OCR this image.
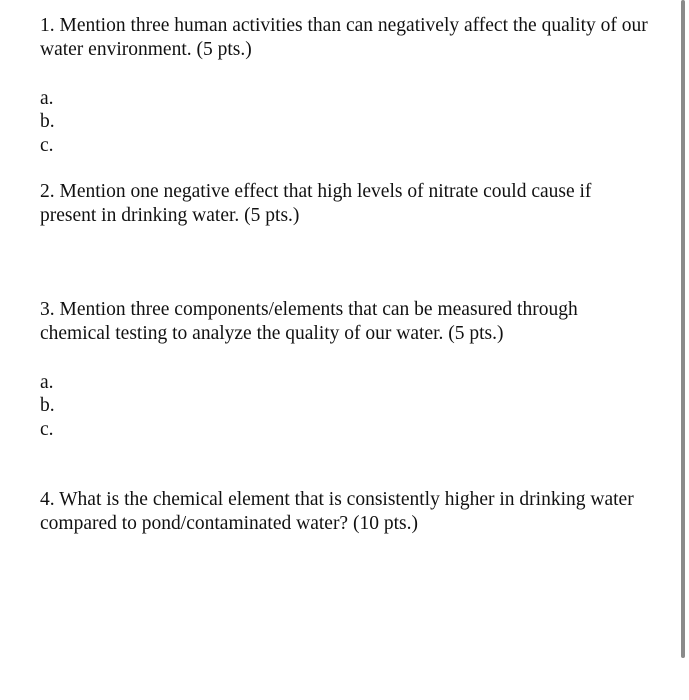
1. Mention three human activities than can negatively affect the quality of our water environment. (5 pts.)

a.
b.
c.

2. Mention one negative effect that high levels of nitrate could cause if present in drinking water. (5 pts.)

3. Mention three components/elements that can be measured through chemical testing to analyze the quality of our water. (5 pts.)

a.
b.
c.

4. What is the chemical element that is consistently higher in drinking water compared to pond/contaminated water? (10 pts.)
